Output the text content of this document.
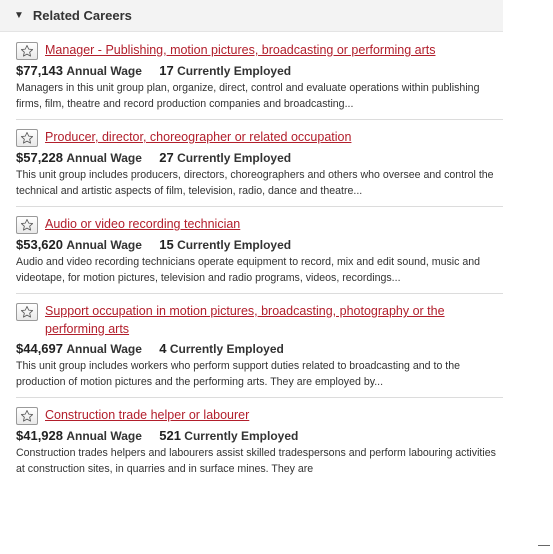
▼ Related Careers
Manager - Publishing, motion pictures, broadcasting or performing arts
$77,143 Annual Wage 17 Currently Employed
Managers in this unit group plan, organize, direct, control and evaluate operations within publishing firms, film, theatre and record production companies and broadcasting...
Producer, director, choreographer or related occupation
$57,228 Annual Wage 27 Currently Employed
This unit group includes producers, directors, choreographers and others who oversee and control the technical and artistic aspects of film, television, radio, dance and theatre...
Audio or video recording technician
$53,620 Annual Wage 15 Currently Employed
Audio and video recording technicians operate equipment to record, mix and edit sound, music and videotape, for motion pictures, television and radio programs, videos, recordings...
Support occupation in motion pictures, broadcasting, photography or the performing arts
$44,697 Annual Wage 4 Currently Employed
This unit group includes workers who perform support duties related to broadcasting and to the production of motion pictures and the performing arts. They are employed by...
Construction trade helper or labourer
$41,928 Annual Wage 521 Currently Employed
Construction trades helpers and labourers assist skilled tradespersons and perform labouring activities at construction sites, in quarries and in surface mines. They are
